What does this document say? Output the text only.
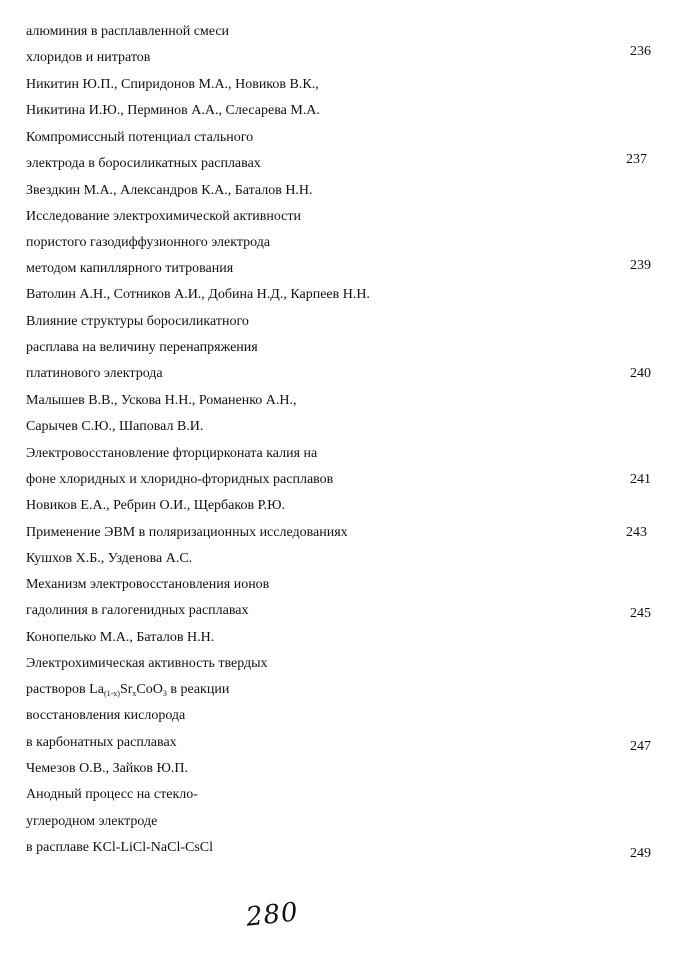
алюминия в расплавленной смеси
хлоридов и нитратов
Никитин Ю.П., Спиридонов М.А., Новиков В.К.,
Никитина И.Ю., Перминов А.А., Слесарева М.А.
Компромиссный потенциал стального
электрода в боросиликатных расплавах
Звездкин М.А., Александров К.А., Баталов Н.Н.
Исследование электрохимической активности
пористого газодиффузионного электрода
методом капиллярного титрования
Ватолин А.Н., Сотников А.И., Добина Н.Д., Карпеев Н.Н.
Влияние структуры боросиликатного
расплава на величину перенапряжения
платинового электрода
Малышев В.В., Ускова Н.Н., Романенко А.Н.,
Сарычев С.Ю., Шаповал В.И.
Электровосстановление фторцирконата калия на
фоне хлоридных и хлоридно-фторидных расплавов
Новиков Е.А., Ребрин О.И., Щербаков Р.Ю.
Применение ЭВМ в поляризационных исследованиях
Кушхов Х.Б., Узденова А.С.
Механизм электровосстановления ионов
гадолиния в галогенидных расплавах
Конопелько М.А., Баталов Н.Н.
Электрохимическая активность твердых
растворов $La_{(1-x)}Sr_xCoO_3$ в реакции
восстановления кислорода
в карбонатных расплавах
Чемезов О.В., Зайков Ю.П.
Анодный процесс на стекло-
углеродном электроде
в расплаве KCl-LiCl-NaCl-CsCl
236
237
239
240
241
243
245
247
249
280
